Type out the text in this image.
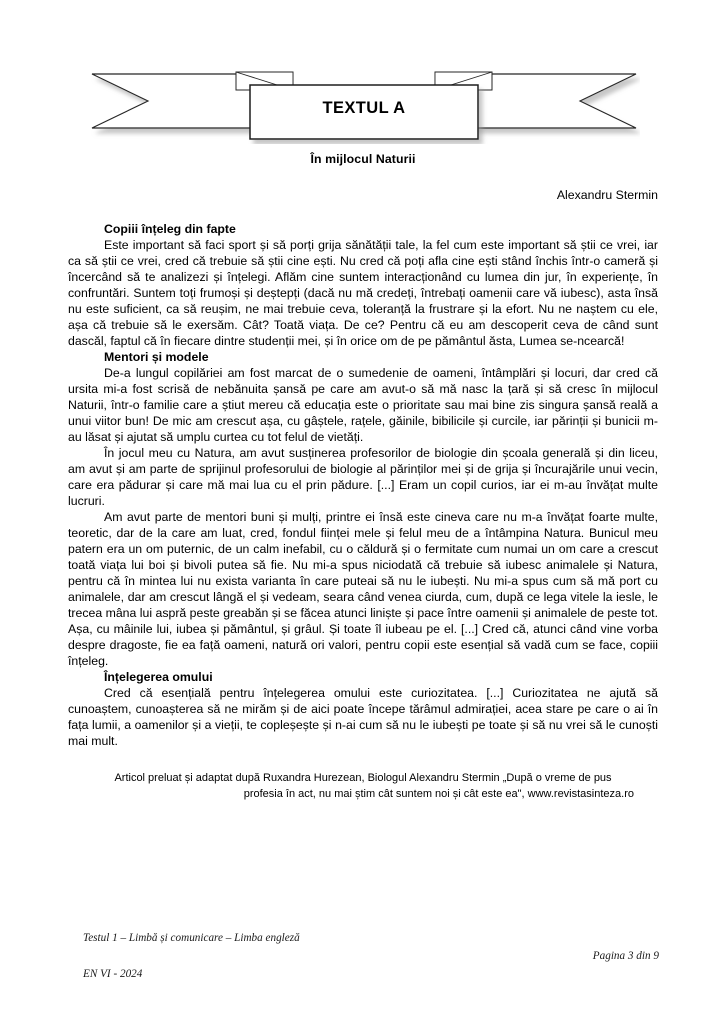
TEXTUL A
În mijlocul Naturii
Alexandru Stermin
Copiii înțeleg din fapte

Este important să faci sport și să porți grija sănătății tale, la fel cum este important să știi ce vrei, iar ca să știi ce vrei, cred că trebuie să știi cine ești. Nu cred că poți afla cine ești stând închis într-o cameră și încercând să te analizezi și înțelegi. Aflăm cine suntem interacționând cu lumea din jur, în experiențe, în confruntări. Suntem toți frumoși și deștepți (dacă nu mă credeți, întrebați oamenii care vă iubesc), asta însă nu este suficient, ca să reușim, ne mai trebuie ceva, toleranță la frustrare și la efort. Nu ne naștem cu ele, așa că trebuie să le exersăm. Cât? Toată viața. De ce? Pentru că eu am descoperit ceva de când sunt dascăl, faptul că în fiecare dintre studenții mei, și în orice om de pe pământul ăsta, Lumea se-ncearcă!

Mentori și modele

De-a lungul copilăriei am fost marcat de o sumedenie de oameni, întâmplări și locuri, dar cred că ursita mi-a fost scrisă de nebănuita șansă pe care am avut-o să mă nasc la țară și să cresc în mijlocul Naturii, într-o familie care a știut mereu că educația este o prioritate sau mai bine zis singura șansă reală a unui viitor bun! De mic am crescut așa, cu gâștele, rațele, găinile, bibilicile și curcile, iar părinții și bunicii m-au lăsat și ajutat să umplu curtea cu tot felul de vietăți.

În jocul meu cu Natura, am avut susținerea profesorilor de biologie din școala generală și din liceu, am avut și am parte de sprijinul profesorului de biologie al părinților mei și de grija și încurajările unui vecin, care era pădurar și care mă mai lua cu el prin pădure. [...] Eram un copil curios, iar ei m-au învățat multe lucruri.

Am avut parte de mentori buni și mulți, printre ei însă este cineva care nu m-a învățat foarte multe, teoretic, dar de la care am luat, cred, fondul ființei mele și felul meu de a întâmpina Natura. Bunicul meu patern era un om puternic, de un calm inefabil, cu o căldură și o fermitate cum numai un om care a crescut toată viața lui boi și bivoli putea să fie. Nu mi-a spus niciodată că trebuie să iubesc animalele și Natura, pentru că în mintea lui nu exista varianta în care puteai să nu le iubești. Nu mi-a spus cum să mă port cu animalele, dar am crescut lângă el și vedeam, seara când venea ciurda, cum, după ce lega vitele la iesle, le trecea mâna lui aspră peste greabăn și se făcea atunci liniște și pace între oamenii și animalele de peste tot. Așa, cu mâinile lui, iubea și pământul, și grâul. Și toate îl iubeau pe el. [...] Cred că, atunci când vine vorba despre dragoste, fie ea față oameni, natură ori valori, pentru copii este esențial să vadă cum se face, copiii înțeleg.

Înțelegerea omului

Cred că esențială pentru înțelegerea omului este curiozitatea. [...] Curiozitatea ne ajută să cunoaștem, cunoașterea să ne mirăm și de aici poate începe tărâmul admirației, acea stare pe care o ai în fața lumii, a oamenilor și a vieții, te copleșește și n-ai cum să nu le iubești pe toate și să nu vrei să le cunoști mai mult.

Articol preluat și adaptat după Ruxandra Hurezean, Biologul Alexandru Stermin „După o vreme de pus
profesia în act, nu mai știm cât suntem noi și cât este ea", www.revistasinteza.ro
Testul 1 – Limbă și comunicare – Limba engleză
Pagina 3 din 9
EN VI - 2024
